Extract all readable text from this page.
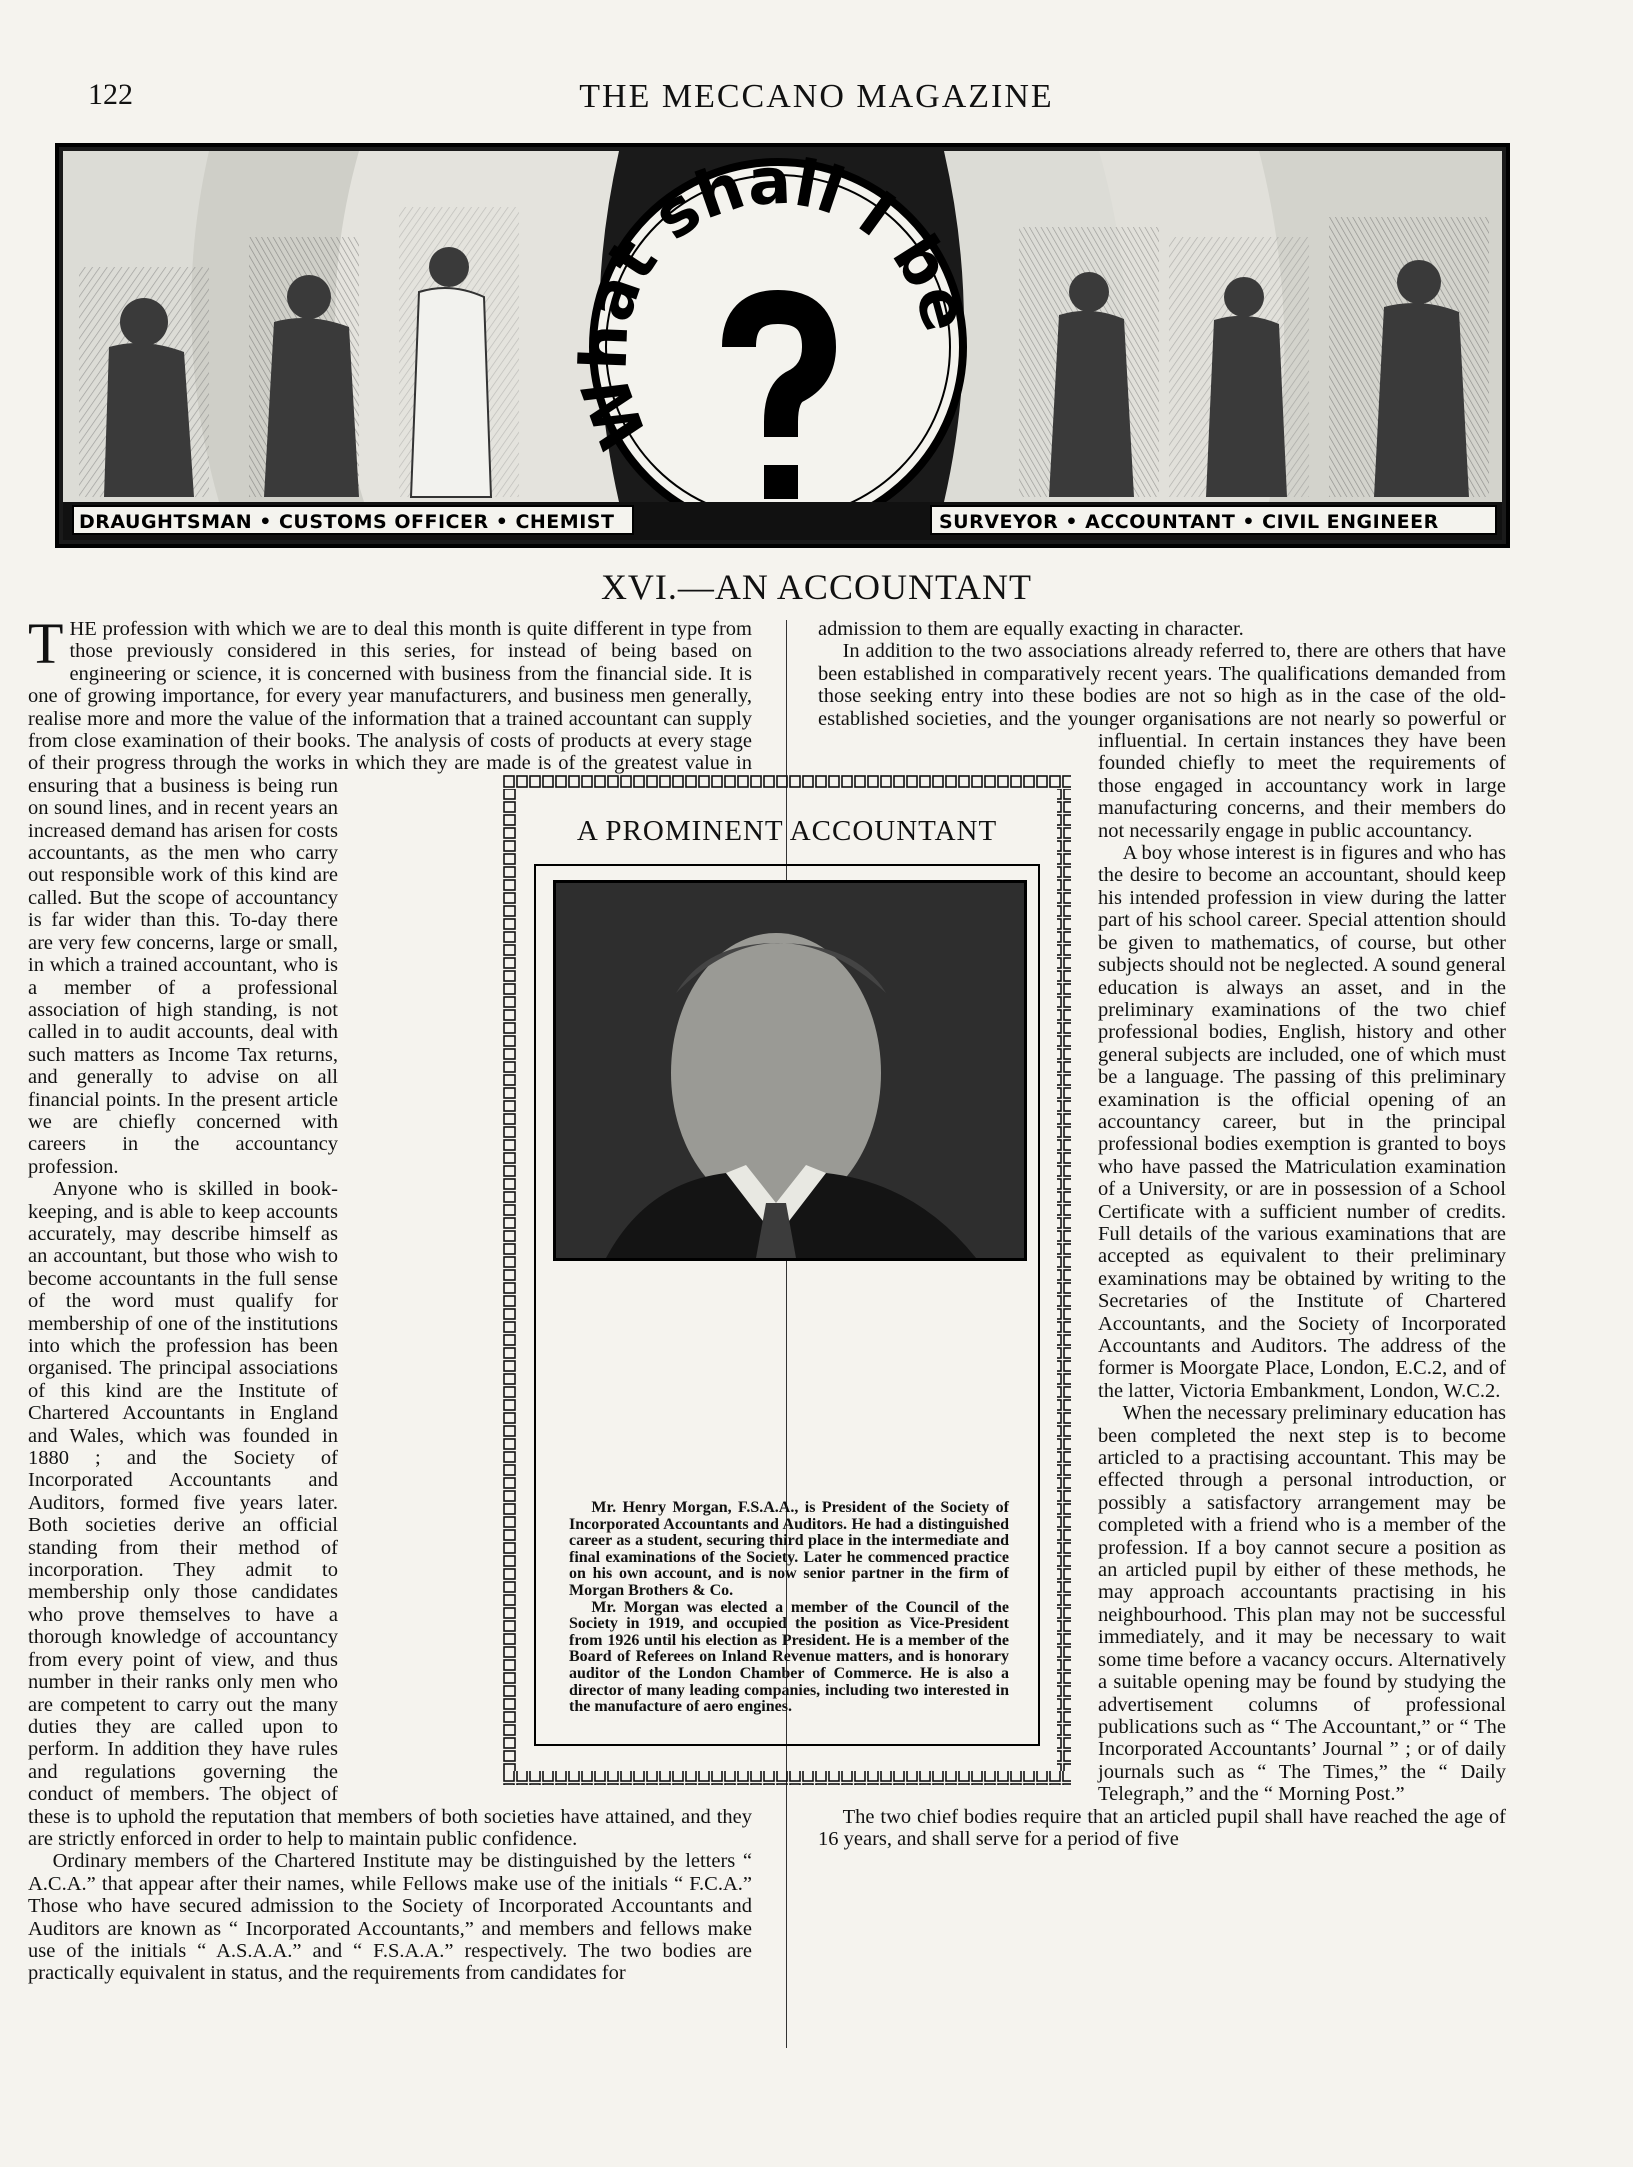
122	THE MECCANO MAGAZINE
What shall I be
DRAUGHTSMAN • CUSTOMS OFFICER • CHEMIST	SURVEYOR • ACCOUNTANT • CIVIL ENGINEER
XVI.—AN ACCOUNTANT

THE profession with which we are to deal this month is quite different in type from those previously considered in this series, for instead of being based on engineering or science, it is concerned with business from the financial side. It is one of growing importance, for every year manufacturers, and business men generally, realise more and more the value of the information that a trained accountant can supply from close examination of their books. The analysis of costs of products at every stage of their progress through the works in which they are made is of the greatest value in ensuring that a business is being run on sound lines, and in recent years an increased demand has arisen for costs accountants, as the men who carry out responsible work of this kind are called. But the scope of accountancy is far wider than this. To-day there are very few concerns, large or small, in which a trained accountant, who is a member of a professional association of high standing, is not called in to audit accounts, deal with such matters as Income Tax returns, and generally to advise on all financial points. In the present article we are chiefly concerned with careers in the accountancy profession.

Anyone who is skilled in book-keeping, and is able to keep accounts accurately, may describe himself as an accountant, but those who wish to become accountants in the full sense of the word must qualify for membership of one of the institutions into which the profession has been organised. The principal associations of this kind are the Institute of Chartered Accountants in England and Wales, which was founded in 1880 ; and the Society of Incorporated Accountants and Auditors, formed five years later. Both societies derive an official standing from their method of incorporation. They admit to membership only those candidates who prove themselves to have a thorough knowledge of accountancy from every point of view, and thus number in their ranks only men who are competent to carry out the many duties they are called upon to perform. In addition they have rules and regulations governing the conduct of members. The object of these is to uphold the reputation that members of both societies have attained, and they are strictly enforced in order to help to maintain public confidence.

Ordinary members of the Chartered Institute may be distinguished by the letters “ A.C.A.” that appear after their names, while Fellows make use of the initials “ F.C.A.” Those who have secured admission to the Society of Incorporated Accountants and Auditors are known as “ Incorporated Accountants,” and members and fellows make use of the initials “ A.S.A.A.” and “ F.S.A.A.” respectively. The two bodies are practically equivalent in status, and the requirements from candidates for

admission to them are equally exacting in character.

In addition to the two associations already referred to, there are others that have been established in comparatively recent years. The qualifications demanded from those seeking entry into these bodies are not so high as in the case of the old-established societies, and the younger organisations are not nearly so powerful or influential. In certain instances they have been founded chiefly to meet the requirements of those engaged in accountancy work in large manufacturing concerns, and their members do not necessarily engage in public accountancy.

A boy whose interest is in figures and who has the desire to become an accountant, should keep his intended profession in view during the latter part of his school career. Special attention should be given to mathematics, of course, but other subjects should not be neglected. A sound general education is always an asset, and in the preliminary examinations of the two chief professional bodies, English, history and other general subjects are included, one of which must be a language. The passing of this preliminary examination is the official opening of an accountancy career, but in the principal professional bodies exemption is granted to boys who have passed the Matriculation examination of a University, or are in possession of a School Certificate with a sufficient number of credits. Full details of the various examinations that are accepted as equivalent to their preliminary examinations may be obtained by writing to the Secretaries of the Institute of Chartered Accountants, and the Society of Incorporated Accountants and Auditors. The address of the former is Moorgate Place, London, E.C.2, and of the latter, Victoria Embankment, London, W.C.2.

When the necessary preliminary education has been completed the next step is to become articled to a practising accountant. This may be effected through a personal introduction, or possibly a satisfactory arrangement may be completed with a friend who is a member of the profession. If a boy cannot secure a position as an articled pupil by either of these methods, he may approach accountants practising in his neighbourhood. This plan may not be successful immediately, and it may be necessary to wait some time before a vacancy occurs. Alternatively a suitable opening may be found by studying the advertisement columns of professional publications such as “ The Accountant,” or “ The Incorporated Accountants’ Journal ” ; or of daily journals such as “ The Times,” the “ Daily Telegraph,” and the “ Morning Post.”

The two chief bodies require that an articled pupil shall have reached the age of 16 years, and shall serve for a period of five

A PROMINENT ACCOUNTANT

Mr. Henry Morgan, F.S.A.A., is President of the Society of Incorporated Accountants and Auditors. He had a distinguished career as a student, securing third place in the intermediate and final examinations of the Society. Later he commenced practice on his own account, and is now senior partner in the firm of Morgan Brothers & Co.

Mr. Morgan was elected a member of the Council of the Society in 1919, and occupied the position as Vice-President from 1926 until his election as President. He is a member of the Board of Referees on Inland Revenue matters, and is honorary auditor of the London Chamber of Commerce. He is also a director of many leading companies, including two interested in the manufacture of aero engines.
